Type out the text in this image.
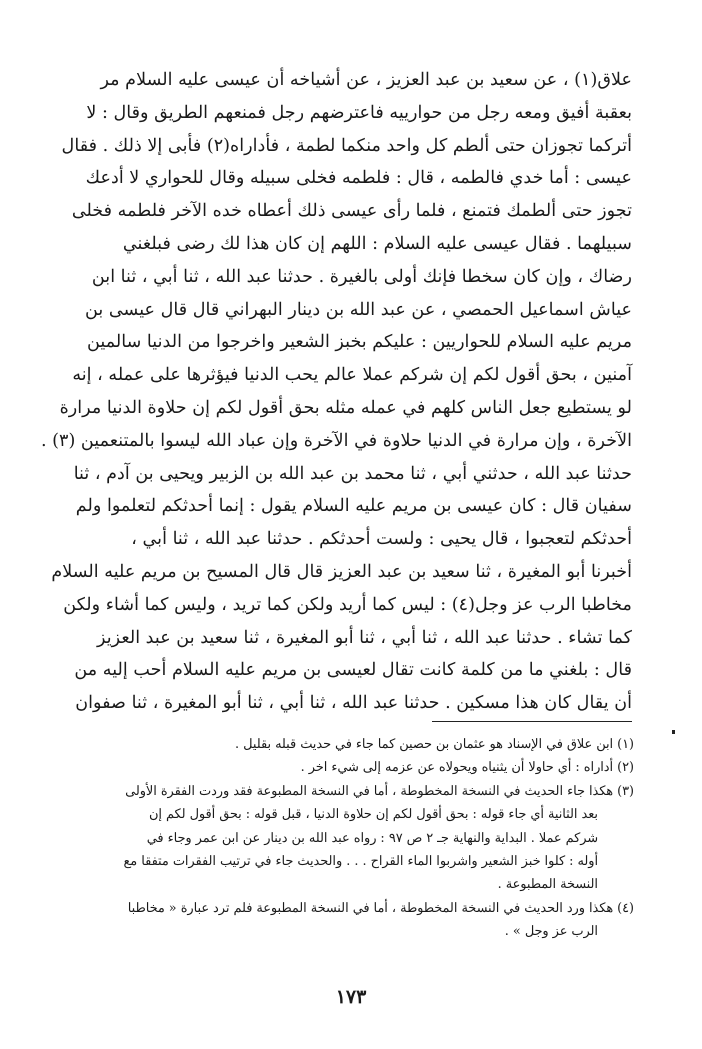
علاق(١) ، عن سعيد بن عبد العزيز ، عن أشياخه أن عيسى عليه السلام مر
بعقبة أفيق ومعه رجل من حوارييه فاعترضهم رجل فمنعهم الطريق وقال : لا
أتركما تجوزان حتى ألطم كل واحد منكما لطمة ، فأداراه(٢) فأبى إلا ذلك . فقال
عيسى : أما خدي فالطمه ، قال : فلطمه فخلى سبيله وقال للحواري لا أدعك
تجوز حتى ألطمك فتمنع ، فلما رأى عيسى ذلك أعطاه خده الآخر فلطمه فخلى
سبيلهما . فقال عيسى عليه السلام : اللهم إن كان هذا لك رضى فبلغني
رضاك ، وإن كان سخطا فإنك أولى بالغيرة . حدثنا عبد الله ، ثنا أبي ، ثنا ابن
عياش اسماعيل الحمصي ، عن عبد الله بن دينار البهراني قال قال عيسى بن
مريم عليه السلام للحواريين : عليكم بخبز الشعير واخرجوا من الدنيا سالمين
آمنين ، بحق أقول لكم إن شركم عملا عالم يحب الدنيا فيؤثرها على عمله ، إنه
لو يستطيع جعل الناس كلهم في عمله مثله بحق أقول لكم إن حلاوة الدنيا مرارة
الآخرة ، وإن مرارة في الدنيا حلاوة في الآخرة وإن عباد الله ليسوا بالمتنعمين (٣) .
حدثنا عبد الله ، حدثني أبي ، ثنا محمد بن عبد الله بن الزبير ويحيى بن آدم ، ثنا
سفيان قال : كان عيسى بن مريم عليه السلام يقول : إنما أحدثكم لتعلموا ولم
أحدثكم لتعجبوا ، قال يحيى : ولست أحدثكم . حدثنا عبد الله ، ثنا أبي ،
أخبرنا أبو المغيرة ، ثنا سعيد بن عبد العزيز قال قال المسيح بن مريم عليه السلام
مخاطبا الرب عز وجل(٤) : ليس كما أريد ولكن كما تريد ، وليس كما أشاء ولكن
كما تشاء . حدثنا عبد الله ، ثنا أبي ، ثنا أبو المغيرة ، ثنا سعيد بن عبد العزيز
قال : بلغني ما من كلمة كانت تقال لعيسى بن مريم عليه السلام أحب إليه من
أن يقال كان هذا مسكين . حدثنا عبد الله ، ثنا أبي ، ثنا أبو المغيرة ، ثنا صفوان
(١) ابن علاق في الإسناد هو عثمان بن حصين كما جاء في حديث قبله بقليل .
(٢) أداراه : أي حاولا أن يثنياه ويحولاه عن عزمه إلى شيء اخر .
(٣) هكذا جاء الحديث في النسخة المخطوطة ، أما في النسخة المطبوعة فقد وردت الفقرة الأولى
بعد الثانية أي جاء قوله : بحق أقول لكم إن حلاوة الدنيا ، قبل قوله : بحق أقول لكم إن
شركم عملا . البداية والنهاية جـ ٢ ص ٩٧ : رواه عبد الله بن دينار عن ابن عمر وجاء في
أوله : كلوا خبز الشعير واشربوا الماء القراح . . . والحديث جاء في ترتيب الفقرات متفقا مع
النسخة المطبوعة .
(٤) هكذا ورد الحديث في النسخة المخطوطة ، أما في النسخة المطبوعة فلم ترد عبارة « مخاطبا
الرب عز وجل » .
١٧٣
